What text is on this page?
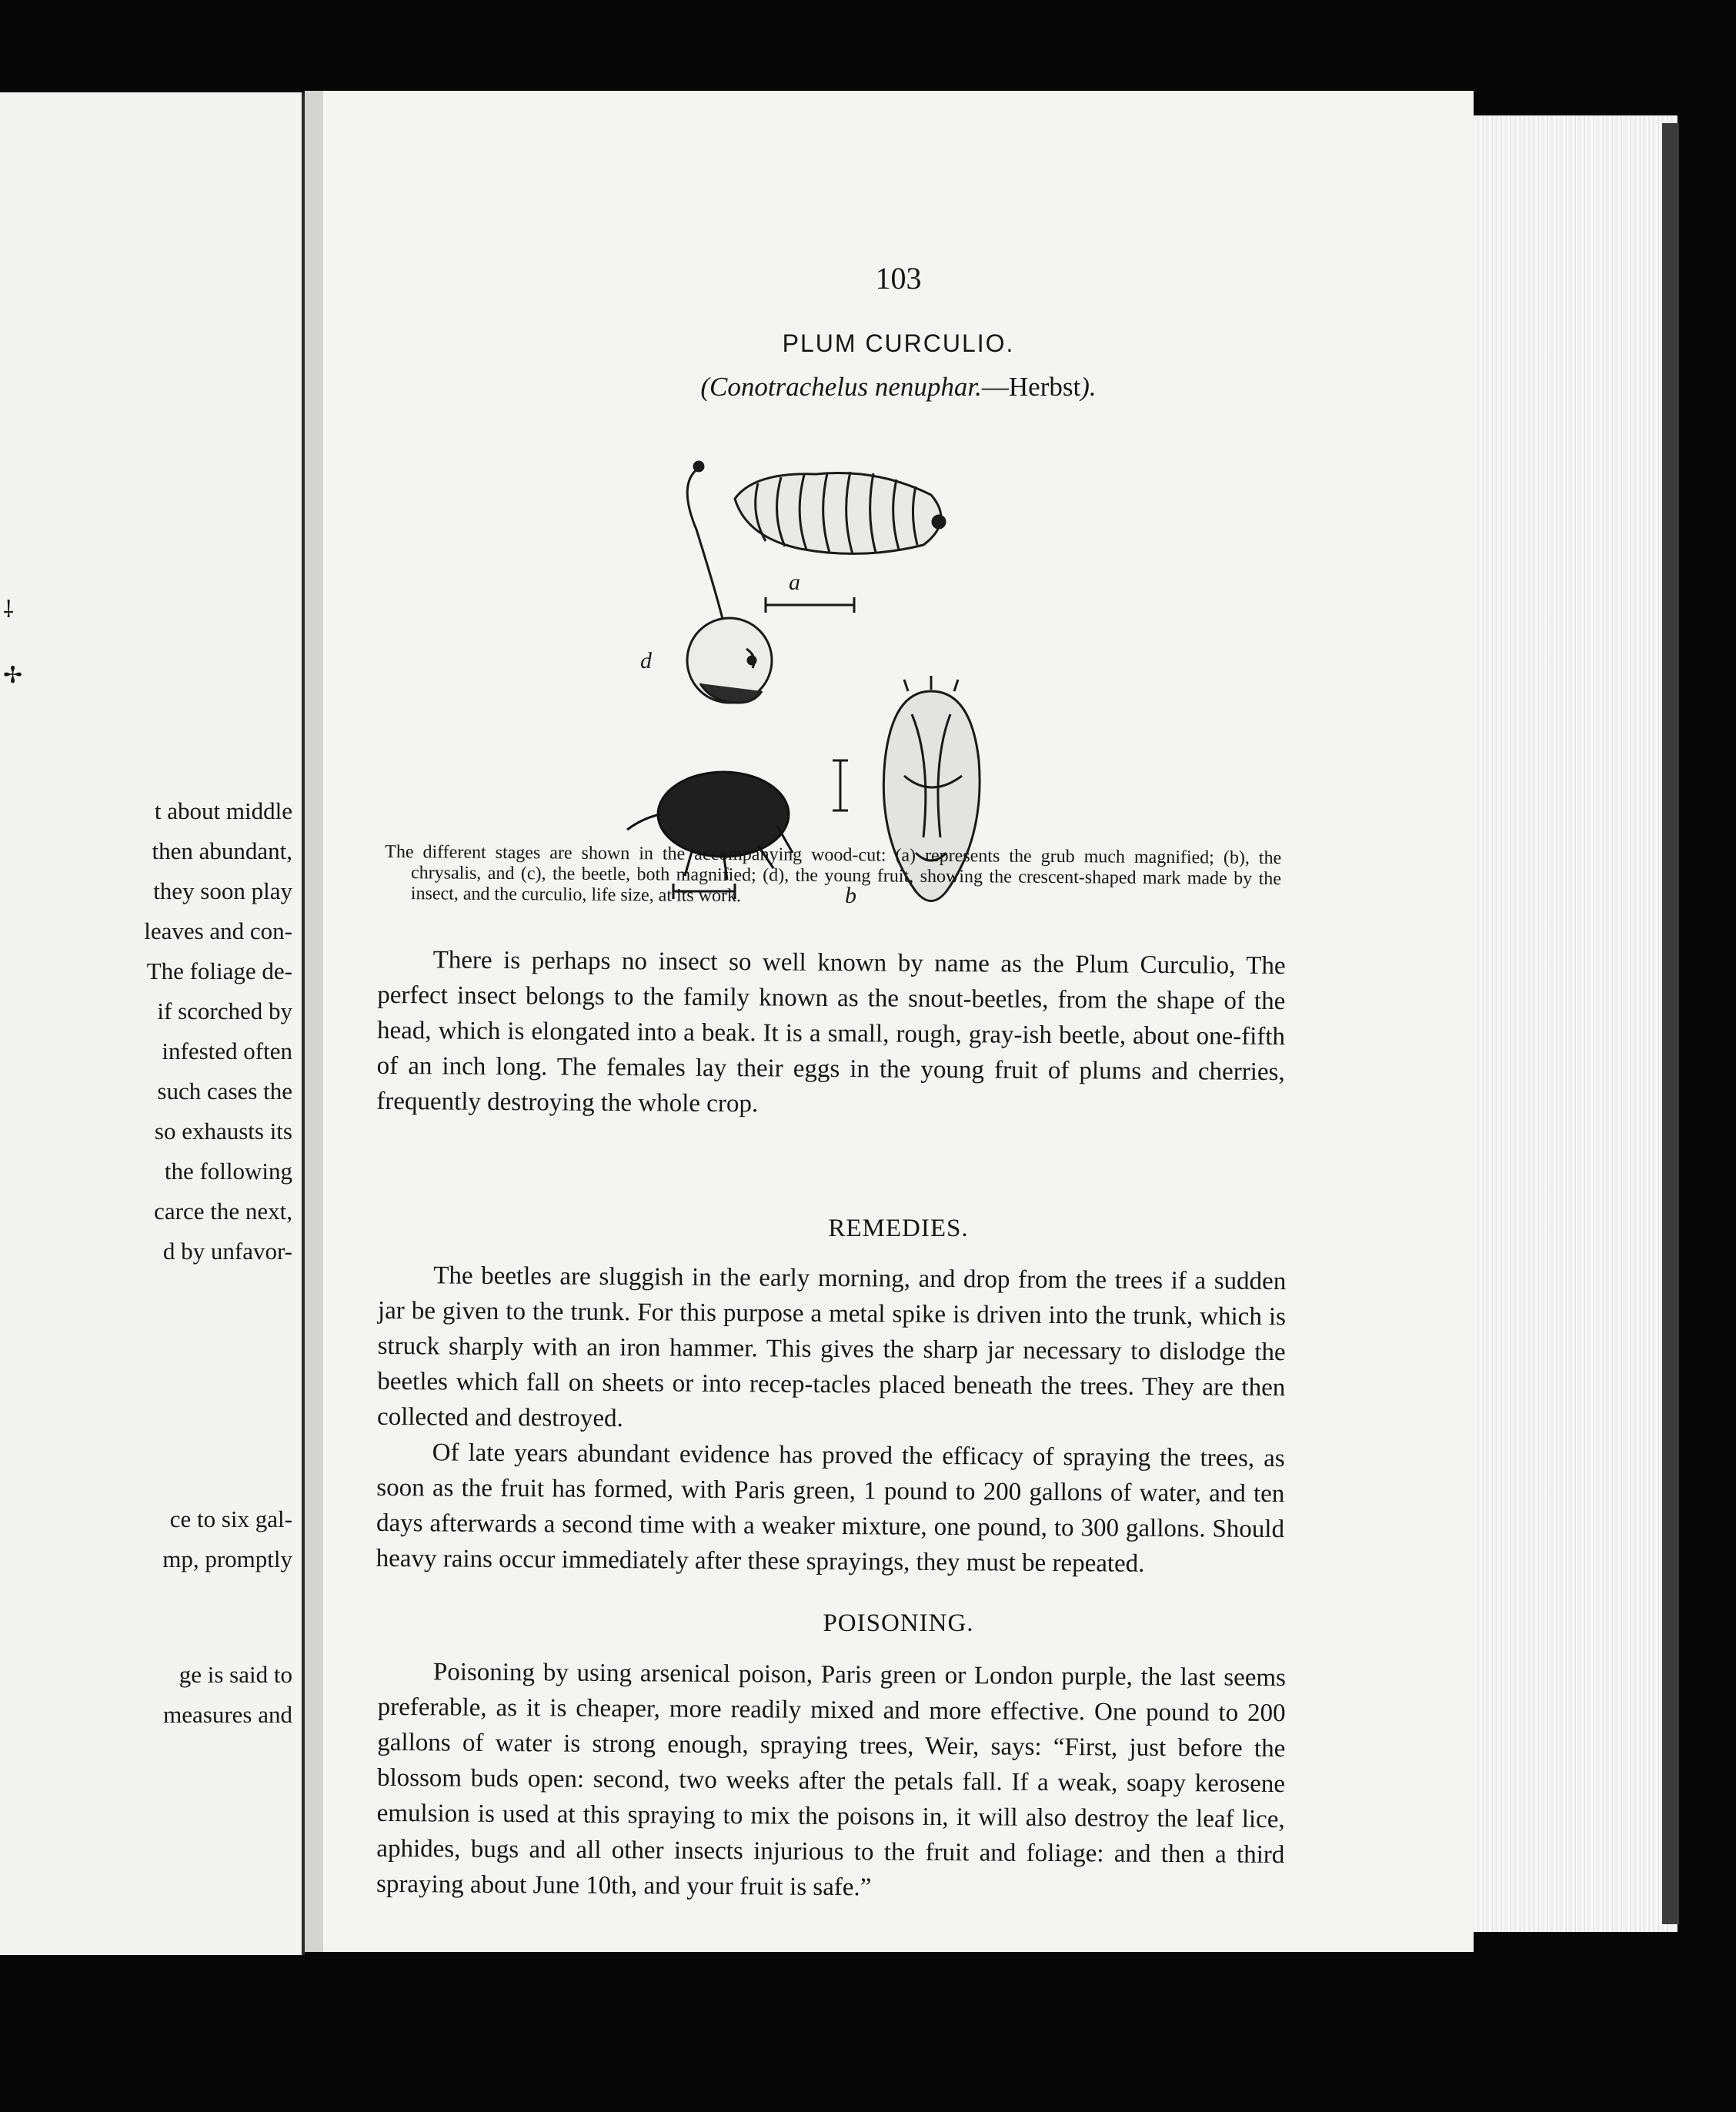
⸸
✢
t about middle
then abundant,
they soon play
leaves and con-
The foliage de-
if scorched by
infested often
such cases the
so exhausts its
the following
carce the next,
d by unfavor-
ce to six gal-
mp, promptly
ge is said to
measures and
103
PLUM CURCULIO.
(Conotrachelus nenuphar.—Herbst).
a
d
b

The different stages are shown in the accompanying wood-cut: (a) represents the grub much magnified; (b), the chrysalis, and (c), the beetle, both magnified; (d), the young fruit, showing the crescent-shaped mark made by the insect, and the curculio, life size, at its work.

There is perhaps no insect so well known by name as the Plum Curculio, The perfect insect belongs to the family known as the snout-beetles, from the shape of the head, which is elongated into a beak. It is a small, rough, gray-ish beetle, about one-fifth of an inch long. The females lay their eggs in the young fruit of plums and cherries, frequently destroying the whole crop.

REMEDIES.

The beetles are sluggish in the early morning, and drop from the trees if a sudden jar be given to the trunk. For this purpose a metal spike is driven into the trunk, which is struck sharply with an iron hammer. This gives the sharp jar necessary to dislodge the beetles which fall on sheets or into recep-tacles placed beneath the trees. They are then collected and destroyed.

Of late years abundant evidence has proved the efficacy of spraying the trees, as soon as the fruit has formed, with Paris green, 1 pound to 200 gallons of water, and ten days afterwards a second time with a weaker mixture, one pound, to 300 gallons. Should heavy rains occur immediately after these sprayings, they must be repeated.

POISONING.

Poisoning by using arsenical poison, Paris green or London purple, the last seems preferable, as it is cheaper, more readily mixed and more effective. One pound to 200 gallons of water is strong enough, spraying trees, Weir, says: “First, just before the blossom buds open: second, two weeks after the petals fall. If a weak, soapy kerosene emulsion is used at this spraying to mix the poisons in, it will also destroy the leaf lice, aphides, bugs and all other insects injurious to the fruit and foliage: and then a third spraying about June 10th, and your fruit is safe.”
